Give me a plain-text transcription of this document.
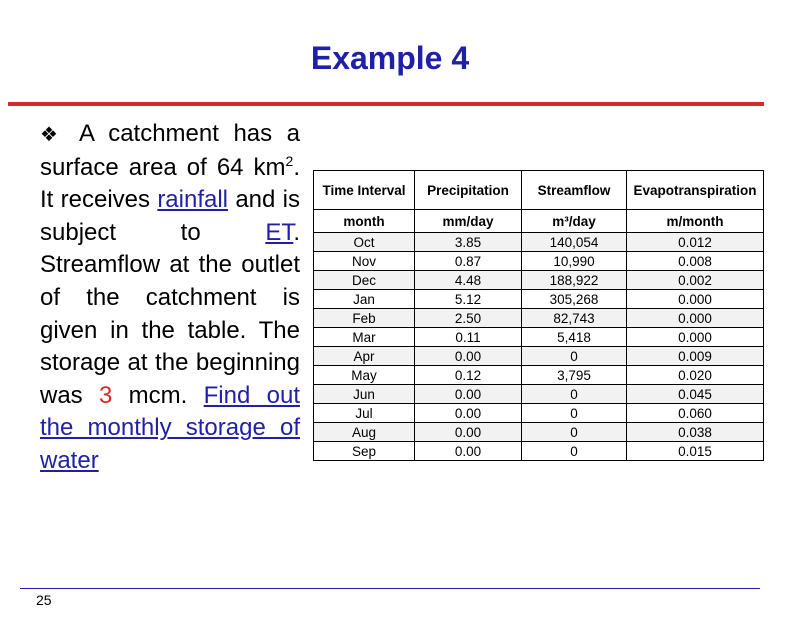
Example 4
❖ A catchment has a surface area of 64 $km^2$. It receives rainfall and is subject to ET. Streamflow at the outlet of the catchment is given in the table. The storage at the beginning was 3 mcm. Find out the monthly storage of water
Time Interval	Precipitation	Streamflow	Evapotranspiration
month	mm/day	m³/day	m/month
Oct	3.85	140,054	0.012
Nov	0.87	10,990	0.008
Dec	4.48	188,922	0.002
Jan	5.12	305,268	0.000
Feb	2.50	82,743	0.000
Mar	0.11	5,418	0.000
Apr	0.00	0	0.009
May	0.12	3,795	0.020
Jun	0.00	0	0.045
Jul	0.00	0	0.060
Aug	0.00	0	0.038
Sep	0.00	0	0.015
25
